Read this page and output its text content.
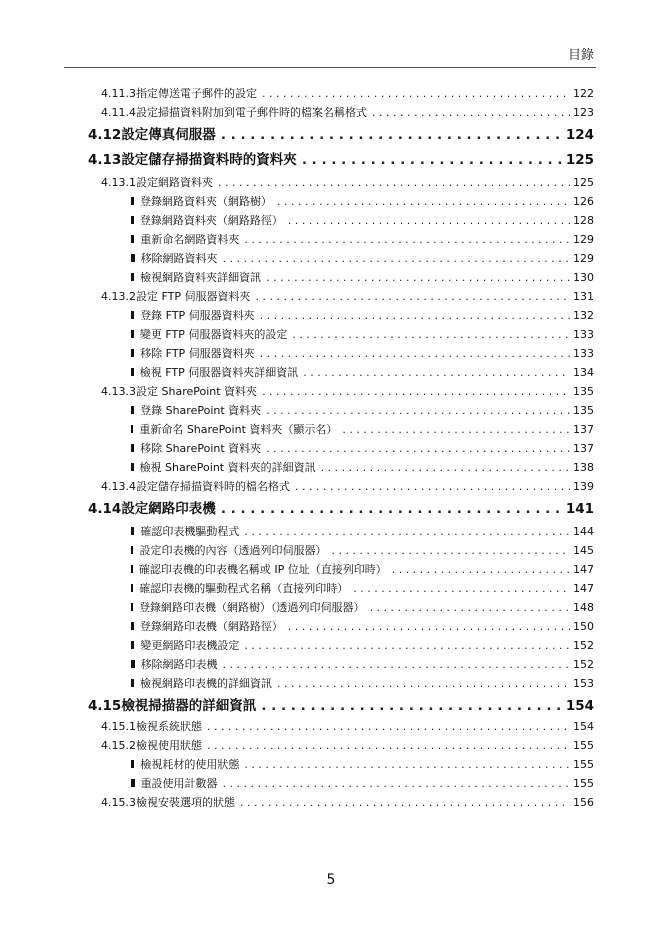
目錄
4.11.3 指定傳送電子郵件的設定 . . .	122
4.11.4 設定掃描資料附加到電子郵件時的檔案名稱格式 . . .	123
4.12 設定傳真伺服器 . . .	124
4.13 設定儲存掃描資料時的資料夾 . . .	125
4.13.1 設定網路資料夾 . . .	125
登錄網路資料夾（網路樹） . . .	126
登錄網路資料夾（網路路徑） . . .	128
重新命名網路資料夾 . . .	129
移除網路資料夾 . . .	129
檢視網路資料夾詳細資訊 . . .	130
4.13.2 設定 FTP 伺服器資料夾 . . .	131
登錄 FTP 伺服器資料夾 . . .	132
變更 FTP 伺服器資料夾的設定 . . .	133
移除 FTP 伺服器資料夾 . . .	133
檢視 FTP 伺服器資料夾詳細資訊 . . .	134
4.13.3 設定 SharePoint 資料夾 . . .	135
登錄 SharePoint 資料夾 . . .	135
重新命名 SharePoint 資料夾（顯示名） . . .	137
移除 SharePoint 資料夾 . . .	137
檢視 SharePoint 資料夾的詳細資訊 . . .	138
4.13.4 設定儲存掃描資料時的檔名格式 . . .	139
4.14 設定網路印表機 . . .	141
確認印表機驅動程式 . . .	144
設定印表機的內容（透過列印伺服器） . . .	145
確認印表機的印表機名稱或 IP 位址（直接列印時） . . .	147
確認印表機的驅動程式名稱（直接列印時） . . .	147
登錄網路印表機（網路樹）（透過列印伺服器） . . .	148
登錄網路印表機（網路路徑） . . .	150
變更網路印表機設定 . . .	152
移除網路印表機 . . .	152
檢視網路印表機的詳細資訊 . . .	153
4.15 檢視掃描器的詳細資訊 . . .	154
4.15.1 檢視系統狀態 . . .	154
4.15.2 檢視使用狀態 . . .	155
檢視耗材的使用狀態 . . .	155
重設使用計數器 . . .	155
4.15.3 檢視安裝選項的狀態 . . .	156
5
